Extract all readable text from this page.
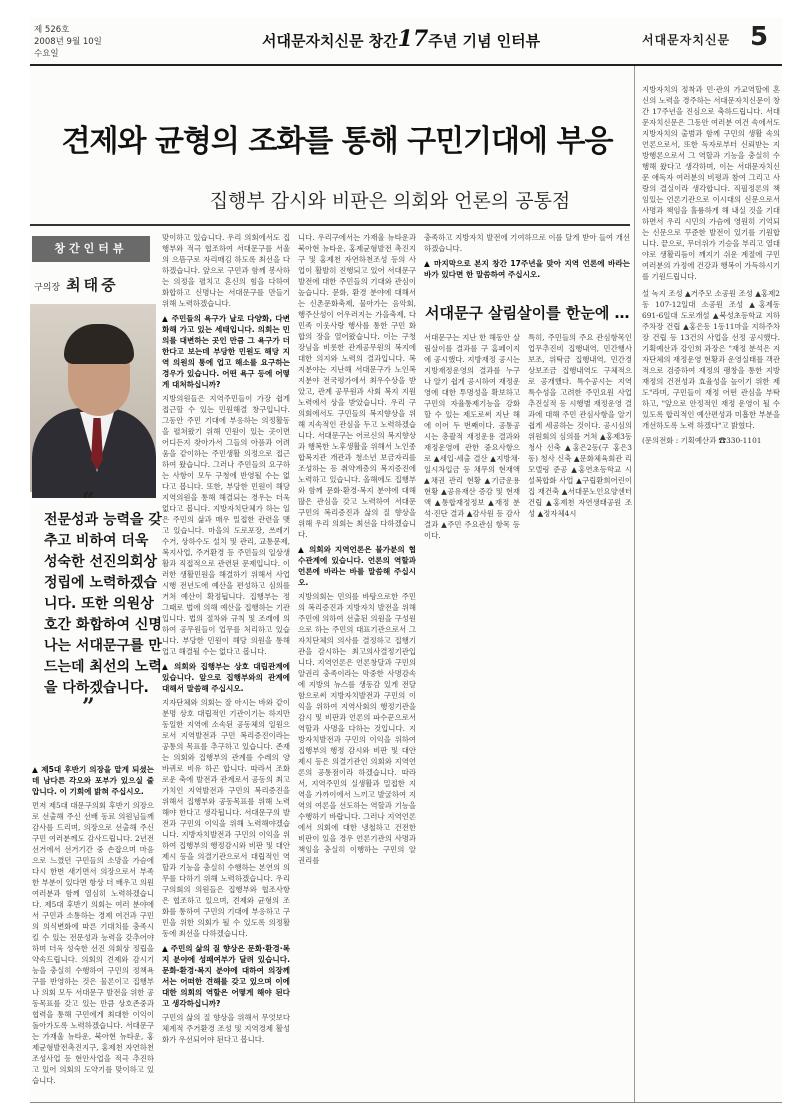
제 526호
2008년 9월 10일
수요일
서대문자치신문 창간17주년 기념 인터뷰	서대문자치신문 5
견제와 균형의 조화를 통해 구민기대에 부응
집행부 감시와 비판은 의회와 언론의 공통점
창간인터뷰
구의장 최태중
“
전문성과 능력을 갖추고 비하여 더욱 성숙한 선진의회상 정립에 노력하겠습니다. 또한 의원상호간 화합하여 신명나는 서대문구를 만드는데 최선의 노력을 다하겠습니다.
”
▲ 제5대 후반기 의장을 맡게 되셨는데 남다른 각오와 포부가 있으실 줄 압니다. 이 기회에 밝혀 주십시오.
먼저 제5대 대문구의회 후반기 의장으로 선출해 주신 선배 동료 의원님들께 감사를 드리며, 의장으로 선출해 주신 구민 여러분께도 감사드립니다. 2년전 선거에서 선거기간 중 손잡으며 마음으로 느꼈던 구민들의 소망을 가슴에 다시 한번 새기면서 의장으로서 부족한 부분이 있다면 항상 더 배우고 의원 여러분과 함께 열심히 노력하겠습니다. 제5대 후반기 의회는 여러 분야에서 구민과 소통하는 경제 여건과 구민의 의식변화에 따른 기대치를 충족시킬 수 있는 전문성과 능력을 갖추어야 하며 더욱 성숙한 선진 의회상 정립을 약속드립니다. 의회의 견제와 감시기능을 충실히 수행하여 구민의 정책욕구를 반영하는 것은 물론이고 집행부나 의회 모두 서대문구 발전을 위한 공동목표를 갖고 있는 만큼 상호존중과 협력을 통해 구민에게 최대한 이익이 돌아가도록 노력하겠습니다. 서대문구는 가재울 뉴타운, 북아현 뉴타운, 홍제균형발전촉진지구, 홍제천 자연하천조성사업 등 현안사업을 적극 추진하고 있어 의회의 도약기를 맞이하고 있습니다.
맞이하고 있습니다. 우리 의회에서도 집행부와 적극 협조하여 서대문구를 서울의 으뜸구로 자리매김 하도록 최선을 다하겠습니다. 앞으로 구민과 함께 봉사하는 의정을 펼치고 혼신의 힘을 다하여 화합하고 신명나는 서대문구를 만들기 위해 노력하겠습니다.
▲ 주민들의 욕구가 날로 다양화, 다변화해 가고 있는 세태입니다. 의회는 민의를 대변하는 곳인 만큼 그 욕구가 더한다고 보는데 부당한 민원도 해당 지역 의원의 통에 업고 해소를 요구하는 경우가 있습니다. 어떤 욕구 등에 어떻게 대처하십니까?
지방의원들은 지역주민들이 가장 쉽게 접근할 수 있는 민원해결 창구입니다. 그동안 주민 기대에 부응하는 의정활동을 펼쳐왔기 위해 민원이 있는 곳이면 어디든지 찾아가서 그들의 아픔과 어려움을 같이하는 주민생활 의정으로 접근하여 왔습니다. 그러나 주민들의 요구하는 사항이 모두 구청에 반영될 수는 없다고 봅니다. 또한, 부당한 민원이 해당지역의원을 통해 해결되는 경우는 더욱 없다고 봅니다. 지방자치단체가 하는 일은 주민의 삶과 매우 밀접한 관련을 맺고 있습니다. 마을의 도로포장, 쓰레기 수거, 상하수도 설치 및 관리, 교통문제, 복지사업, 주거환경 등 주민들의 일상생활과 직접적으로 관련된 문제입니다. 이러한 생활민원을 해결하기 위해서 사업시행 전년도에 예산을 편성하고 심의를 거쳐 예산이 확정됩니다. 집행부는 정 그때로 법에 의해 예산을 집행하는 기관입니다. 법의 절차와 규칙 및 조례에 의하여 공무원들이 업무를 처리하고 있습니다. 부당한 민원이 해당 의원을 통해 업고 해결될 수는 없다고 봅니다.
▲ 의회와 집행부는 상호 대립관계에 있습니다. 앞으로 집행부와의 관계에 대해서 말씀해 주십시오.
지자단체와 의회는 잘 아시는 바와 같이 분명 상호 대립적인 기관이기는 하지만 동일한 지역에 소속된 공동체의 일원으로서 지역발전과 구민 복리증진이라는 공통의 목표를 추구하고 있습니다. 존재는 의회와 집행부의 관계를 수레의 양 바퀴로 비유 하곤 합니다. 따라서 조화로운 축에 발전과 관계로서 공동의 최고가치인 지역발전과 구민의 복리증진을 위해서 집행부와 공동목표를 위해 노력해야 한다고 생각됩니다. 서대문구의 발전과 구민의 이익을 위해 노력해야겠습니다. 지방자치발전과 구민의 이익을 위하여 집행부의 행정감시와 비판 및 대안제시 등을 의결기관으로서 대립적인 역할과 기능을 충실히 수행하는 본연의 의무를 다하기 위해 노력하겠습니다. 우리 구의회의 의원들은 집행부와 협조사항은 협조하고 있으며, 견제와 균형의 조화를 통하여 구민의 기대에 부응하고 구민을 위한 의회가 될 수 있도록 의정활동에 최선을 다하겠습니다.
▲ 주민의 삶의 질 향상은 문화·환경·복지 분야에 성패여부가 달려 있습니다. 문화·환경·복지 분야에 대하여 의장께서는 어떠한 견해를 갖고 있으며 이에 대한 의회의 역할은 어떻게 해야 된다고 생각하십니까?
구민의 삶의 질 향상을 위해서 무엇보다 체계적 주거환경 조성 및 지역경제 활성화가 우선되어야 된다고 봅니다.
니다. 우리구에서는 가재울 뉴타운과 북아현 뉴타운, 홍제균형발전 촉진지구 및 홍제천 자연하천조성 등의 사업이 활발히 진행되고 있어 서대문구 발전에 대한 주민들의 기대와 관심이 높습니다. 문화, 환경 분야에 대해서는 신촌문화축제, 물아가는 음악회, 행주산성이 어우러지는 가을축제, 다민족 이웃사랑 행사를 통한 구민 화합의 장을 열어왔습니다. 이는 구청장님을 비롯한 관계공무원의 복지에 대한 의지와 노력의 결과입니다. 복지분야는 지난해 서대문구가 노인복지분야 전국평가에서 최우수상을 받았고, 관계 공무원과 사회 복지 지원 노력에서 상을 받았습니다. 우리 구의회에서도 구민들의 복지향상을 위해 지속적인 관심을 두고 노력하겠습니다. 서대문구는 어르신의 복지향상과 행복한 노후생활을 위해서 노인종합복지관 개관과 청소년 보금자리를 조성하는 등 취약계층의 복지증진에 노력하고 있습니다. 올해에도 집행부와 함께 문화·환경·복지 분야에 대해 많은 관심을 갖고 노력하여 서대문 구민의 복리증진과 삶의 질 향상을 위해 우리 의회는 최선을 다하겠습니다.
▲ 의회와 지역언론은 불가분의 협수관계에 있습니다. 언론의 역할과 언론에 바라는 바를 말씀해 주십시오.
지방의회는 민의를 바탕으로한 주민의 복리증진과 지방자치 발전을 위해 주민에 의하여 선출된 의원을 구성원으로 하는 주민의 대표기관으로서 그 자치단체의 의사를 결정하고 집행기관을 감시하는 최고의사결정기관입니다. 지역언론은 언론창달과 구민의 알권리 충족이라는 막중한 사명감속에 지방의 뉴스를 생동감 있게 전달함으로써 지방자치발전과 구민의 이익을 위하여 지역사회의 행정기관을 감시 및 비판과 언론의 파수꾼으로서 역할과 사명을 다하는 것입니다. 지방자치발전과 구민의 이익을 위하여 집행부의 행정 감시와 비판 및 대안제시 등은 의결기관인 의회와 지역언론의 공통점이라 하겠습니다. 따라서, 지역주민의 실생활과 밀접한 지역을 가까이에서 느끼고 발굴하여 지역의 여론을 선도하는 역할과 기능을 수행하기 바랍니다. 그러나 지역언론에서 의회에 대한 냉철하고 건전한 비판이 있을 경우 언론기관의 사명과 책임을 충실히 이행하는 구민의 알 권리를
충족하고 지방자치 발전에 기여하므로 이를 달게 받아 들여 개선하겠습니다.
▲ 마지막으로 본지 창간 17주년을 맞아 지역 언론에 바라는 바가 있다면 한 말씀하여 주십시오.
지방자치의 정착과 민·관의 가교역할에 혼신의 노력을 경주하는 서대문자치신문이 창간 17주년을 진심으로 축하드립니다. 서대문자치신문은 그동안 여러분 여건 속에서도 지방자치의 출범과 함께 구민의 생활 속의 언론으로서, 또한 독자로부터 신뢰받는 지방행론으로서 그 역할과 기능을 충실히 수행해 왔다고 생각하며, 이는 서대문자치신문 애독자 여러분의 비평과 참여 그리고 사랑의 결실이라 생각합니다. 직필정론의 책임있는 언론기관으로 이시대의 신문으로서 사명과 책임을 홀륭하게 해 내실 것을 기대하면서 우리 시민의 가슴에 영원히 기억되는 신문으로 꾸준한 발전이 있기를 기원합니다. 끝으로, 무더위가 기승을 부리고 열대야로 생활리듬이 깨지기 쉬운 계절에 구민여러분의 가정에 건강과 행복이 가득하시기를 기원드립니다.
서대문구 살림살이를 한눈에 …
서대문구는 지난 한 해동안 살림살이를 결과를 구 홈페이지에 공시했다. 지방재정 공시는 지방재정운영의 결과를 누구나 알기 쉽게 공시하여 재정운영에 대한 투명성을 확보하고 구민의 자율통제기능을 강화할 수 있는 제도로써 지난 해에 이어 두 번째이다. 공통공시는 총괄적 재정운용 결과와 재정운영에 관한 중요사항으로 ▲세입·세출 결산 ▲지방채·일시차입금 등 채무의 현재액 ▲채권 관리 현황 ▲기금운용 현황 ▲공유재산 증감 및 현재액 ▲통합재정정보 ▲재정 분석·진단 결과 ▲감사원 등 감사 결과 ▲주민 주요관심 항목 등이다.
특히, 주민들의 주요 관심항목인 업무추진비 집행내역, 민간행사보조, 위탁금 집행내역, 민간경상보조금 집행내역도 구체적으로 공개했다. 특수공시는 지역 특수성을 고려한 주민요원 사업 추진실적 등 시행별 재정운영 결과에 대해 주민 관심사항을 알기 쉽게 세공하는 것이다. 공시심의위원회의 심의를 거쳐 ▲홍제3동 청사 신축 ▲홍은2동(구 홍은3동) 청사 신축 ▲문화체육회관 리모델링 준공 ▲홍연초등학교 시설복합화 사업 ▲구립환희어린이집 재건축 ▲서대문노인요양센터 건립 ▲홍제천 자연생태공원 조성 ▲정자체4시
설 녹지 조성 ▲거주모 소공원 조성 ▲홍제2동 107-12일대 소공원 조성 ▲홍제동 691-6일대 도로개설 ▲북성초등학교 지하주차장 건립 ▲홍은동 1동11마을 지하주차장 건립 등 13건의 사업을 선정 공시했다. 기획예산과 강인희 과장은 "재정 분석은 지자단체의 재정운영 현황과 운영실태를 객관적으로 검증하여 재정의 팽창을 통한 지방재정의 건전성과 효율성을 높이기 위한 제도"라며, 구민들이 재정 어떤 관심을 부탁하고, "앞으로 안정적인 재정 운영이 될 수 있도록 합리적인 예산편성과 미흡한 부분을 개선하도록 노력 하겠다"고 밝혔다.
(문의전화 : 기획예산과 ☎330-1101
